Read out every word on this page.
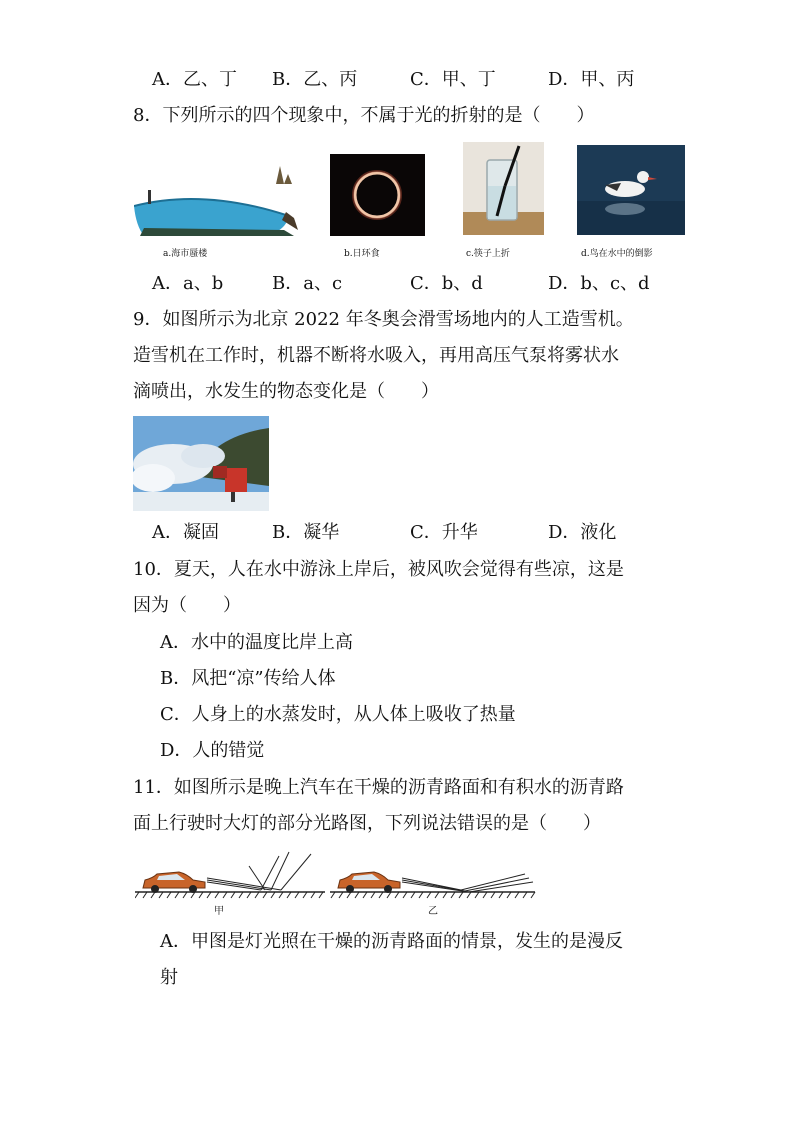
A．乙、丁 B．乙、丙	C．甲、丁	D．甲、丙
8．下列所示的四个现象中，不属于光的折射的是（　　）
a.海市蜃楼	b.日环食	c.筷子上折	d.鸟在水中的倒影
A．a、b	B．a、c	C．b、d	D．b、c、d
9．如图所示为北京 2022 年冬奥会滑雪场地内的人工造雪机。
造雪机在工作时，机器不断将水吸入，再用高压气泵将雾状水
滴喷出，水发生的物态变化是（　　）
A．凝固	B．凝华	C．升华	D．液化
10．夏天，人在水中游泳上岸后，被风吹会觉得有些凉，这是
因为（　　）
A．水中的温度比岸上高
B．风把“凉”传给人体
C．人身上的水蒸发时，从人体上吸收了热量
D．人的错觉
11．如图所示是晚上汽车在干燥的沥青路面和有积水的沥青路
面上行驶时大灯的部分光路图，下列说法错误的是（　　）
甲	乙
A．甲图是灯光照在干燥的沥青路面的情景，发生的是漫反
射
